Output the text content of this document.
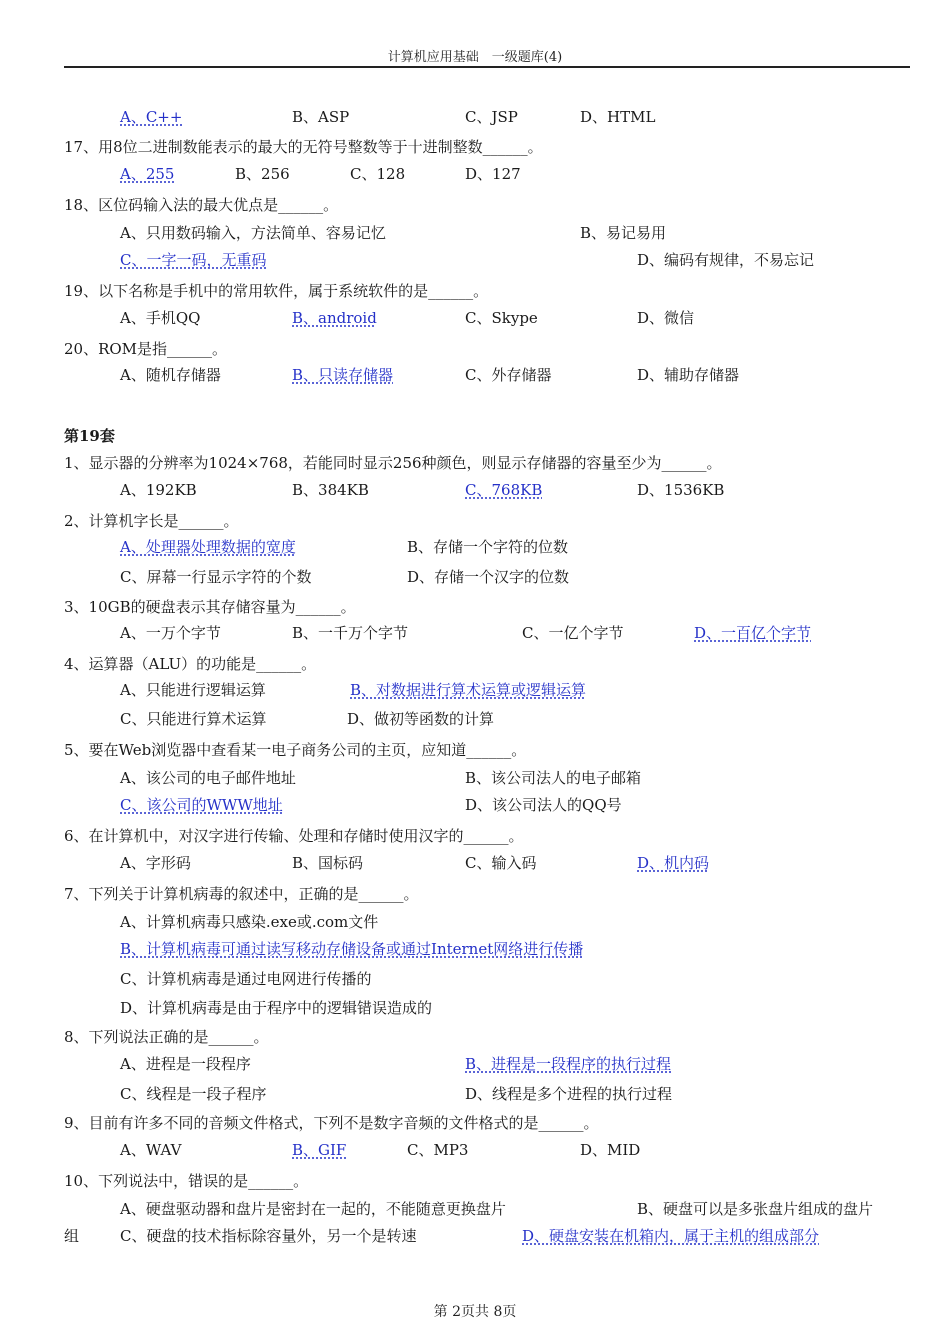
计算机应用基础　一级题库(4)
A、C++	B、ASP	C、JSP	D、HTML
17、用8位二进制数能表示的最大的无符号整数等于十进制整数______。
A、255	B、256	C、128	D、127
18、区位码输入法的最大优点是______。
A、只用数码输入，方法简单、容易记忆	B、易记易用
C、一字一码，无重码	D、编码有规律，不易忘记
19、以下名称是手机中的常用软件，属于系统软件的是______。
A、手机QQ	B、android	C、Skype	D、微信
20、ROM是指______。
A、随机存储器	B、只读存储器	C、外存储器	D、辅助存储器
第19套
1、显示器的分辨率为1024×768，若能同时显示256种颜色，则显示存储器的容量至少为______。
A、192KB	B、384KB	C、768KB	D、1536KB
2、计算机字长是______。
A、处理器处理数据的宽度	B、存储一个字符的位数
C、屏幕一行显示字符的个数	D、存储一个汉字的位数
3、10GB的硬盘表示其存储容量为______。
A、一万个字节	B、一千万个字节	C、一亿个字节	D、一百亿个字节
4、运算器（ALU）的功能是______。
A、只能进行逻辑运算	B、对数据进行算术运算或逻辑运算
C、只能进行算术运算	D、做初等函数的计算
5、要在Web浏览器中查看某一电子商务公司的主页，应知道______。
A、该公司的电子邮件地址	B、该公司法人的电子邮箱
C、该公司的WWW地址	D、该公司法人的QQ号
6、在计算机中，对汉字进行传输、处理和存储时使用汉字的______。
A、字形码	B、国标码	C、输入码	D、机内码
7、下列关于计算机病毒的叙述中，正确的是______。
A、计算机病毒只感染.exe或.com文件
B、计算机病毒可通过读写移动存储设备或通过Internet网络进行传播
C、计算机病毒是通过电网进行传播的
D、计算机病毒是由于程序中的逻辑错误造成的
8、下列说法正确的是______。
A、进程是一段程序	B、进程是一段程序的执行过程
C、线程是一段子程序	D、线程是多个进程的执行过程
9、目前有许多不同的音频文件格式，下列不是数字音频的文件格式的是______。
A、WAV	B、GIF	C、MP3	D、MID
10、下列说法中，错误的是______。
A、硬盘驱动器和盘片是密封在一起的，不能随意更换盘片	B、硬盘可以是多张盘片组成的盘片
组	C、硬盘的技术指标除容量外，另一个是转速	D、硬盘安装在机箱内，属于主机的组成部分
第 2页共 8页
